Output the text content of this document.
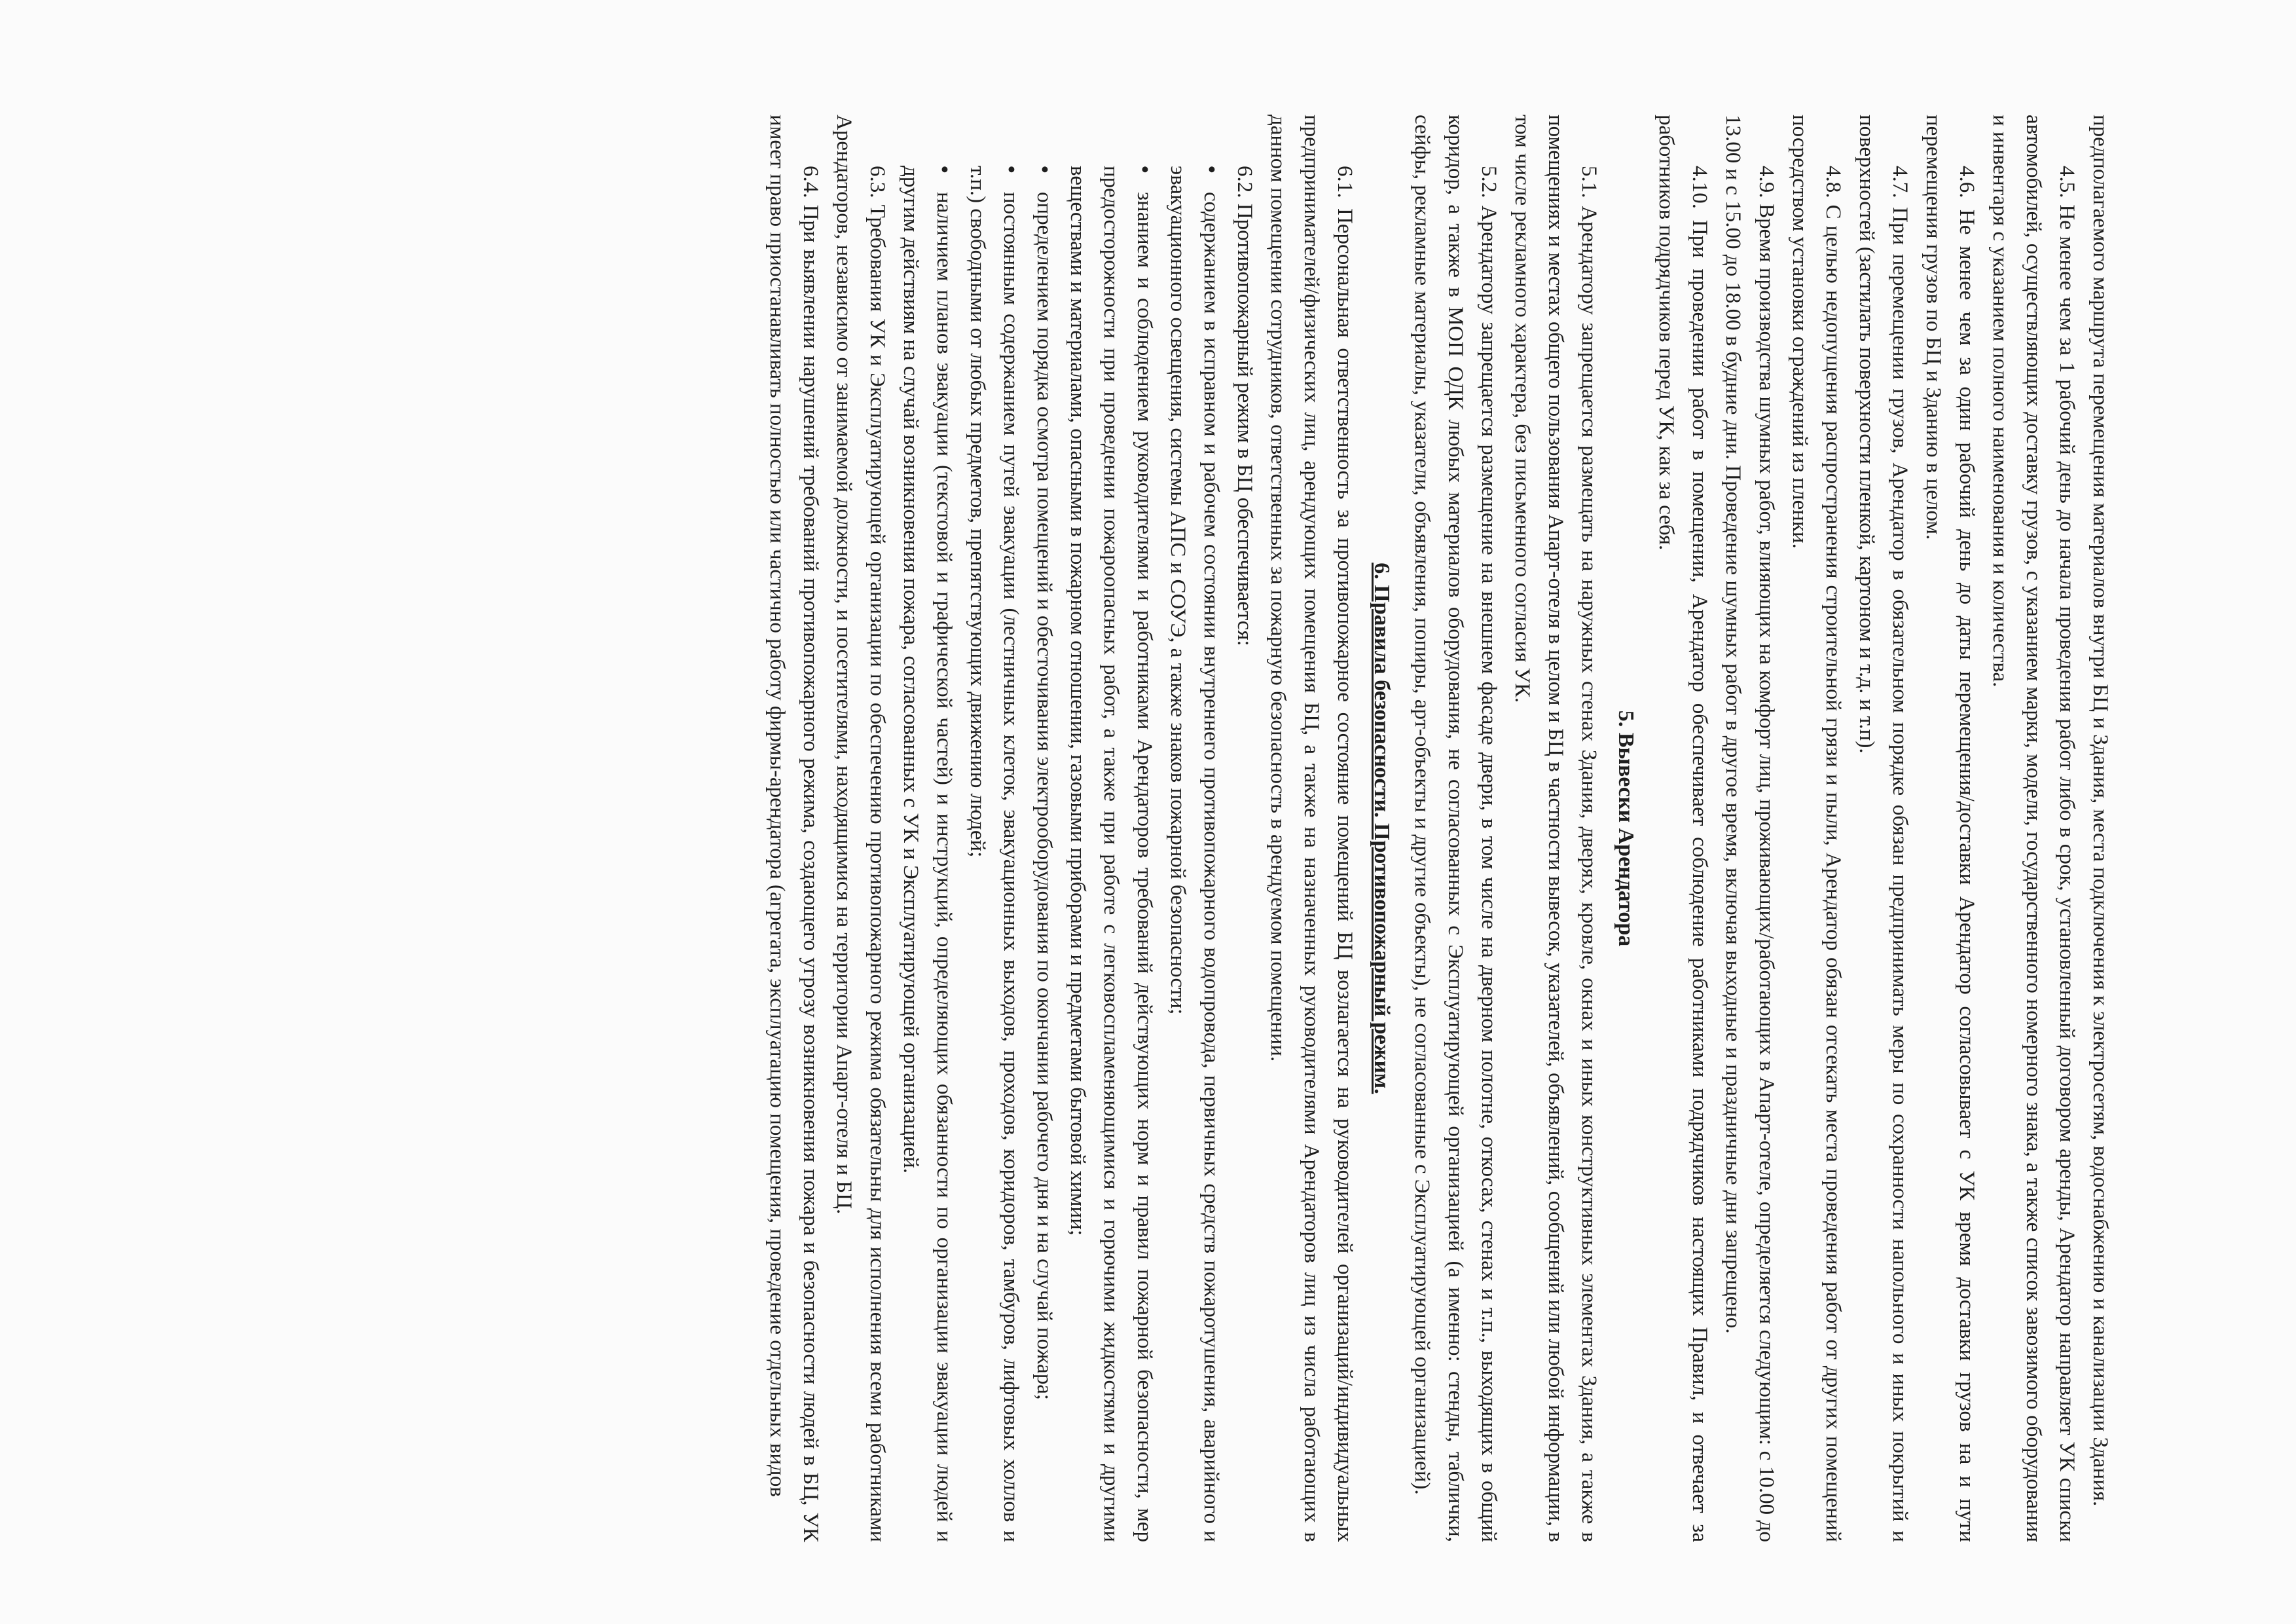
предполагаемого маршрута перемещения материалов внутри БЦ и Здания, места подключения к электросетям, водоснабжению и канализации Здания.

4.5. Не менее чем за 1 рабочий день до начала проведения работ либо в срок, установленный договором аренды, Арендатор направляет УК списки автомобилей, осуществляющих доставку грузов, с указанием марки, модели, государственного номерного знака, а также список завозимого оборудования и инвентаря с указанием полного наименования и количества.

4.6. Не менее чем за один рабочий день до даты перемещения/доставки Арендатор согласовывает с УК время доставки грузов на и пути перемещения грузов по БЦ и Зданию в целом.

4.7. При перемещении грузов, Арендатор в обязательном порядке обязан предпринимать меры по сохранности напольного и иных покрытий и поверхностей (застилать поверхности пленкой, картоном и т.д. и т.п).

4.8. С целью недопущения распространения строительной грязи и пыли, Арендатор обязан отсекать места проведения работ от других помещений посредством установки ограждений из пленки.

4.9. Время производства шумных работ, влияющих на комфорт лиц, проживающих/работающих в Апарт-отеле, определяется следующим: с 10.00 до 13.00 и с 15.00 до 18.00 в будние дни. Проведение шумных работ в другое время, включая выходные и праздничные дни запрещено.

4.10. При проведении работ в помещении, Арендатор обеспечивает соблюдение работниками подрядчиков настоящих Правил, и отвечает за работников подрядчиков перед УК, как за себя.

5. Вывески Арендатора

5.1. Арендатору запрещается размещать на наружных стенах Здания, дверях, кровле, окнах и иных конструктивных элементах Здания, а также в помещениях и местах общего пользования Апарт-отеля в целом и БЦ в частности вывесок, указателей, объявлений, сообщений или любой информации, в том числе рекламного характера, без письменного согласия УК.

5.2. Арендатору запрещается размещение на внешнем фасаде двери, в том числе на дверном полотне, откосах, стенах и т.п., выходящих в общий коридор, а также в МОП ОДК любых материалов оборудования, не согласованных с Эксплуатирующей организацией (а именно: стенды, таблички, сейфы, рекламные материалы, указатели, объявления, попиры, арт-объекты и другие объекты), не согласованные с Эксплуатирующей организацией).

6. Правила безопасности. Противопожарный режим.

6.1. Персональная ответственность за противопожарное состояние помещений БЦ возлагается на руководителей организаций/индивидуальных предпринимателей/физических лиц, арендующих помещения БЦ, а также на назначенных руководителями Арендаторов лиц из числа работающих в данном помещении сотрудников, ответственных за пожарную безопасность в арендуемом помещении.

6.2. Противопожарный режим в БЦ обеспечивается:

•содержанием в исправном и рабочем состоянии внутреннего противопожарного водопровода, первичных средств пожаротушения, аварийного и эвакуационного освещения, системы АПС и СОУЭ, а также знаков пожарной безопасности;

•знанием и соблюдением руководителями и работниками Арендаторов требований действующих норм и правил пожарной безопасности, мер предосторожности при проведении пожароопасных работ, а также при работе с легковоспламеняющимися и горючими жидкостями и другими веществами и материалами, опасными в пожарном отношении, газовыми приборами и предметами бытовой химии;

•определением порядка осмотра помещений и обесточивания электрооборудования по окончании рабочего дня и на случай пожара;

•постоянным содержанием путей эвакуации (лестничных клеток, эвакуационных выходов, проходов, коридоров, тамбуров, лифтовых холлов и т.п.) свободными от любых предметов, препятствующих движению людей;

•наличием планов эвакуации (текстовой и графической частей) и инструкций, определяющих обязанности по организации эвакуации людей и другим действиям на случай возникновения пожара, согласованных с УК и Эксплуатирующей организацией.

6.3. Требования УК и Эксплуатирующей организации по обеспечению противопожарного режима обязательны для исполнения всеми работниками Арендаторов, независимо от занимаемой должности, и посетителями, находящимися на территории Апарт-отеля и БЦ.

6.4. При выявлении нарушений требований противопожарного режима, создающего угрозу возникновения пожара и безопасности людей в БЦ, УК имеет право приостанавливать полностью или частично работу фирмы-арендатора (агрегата, эксплуатацию помещения, проведение отдельных видов
